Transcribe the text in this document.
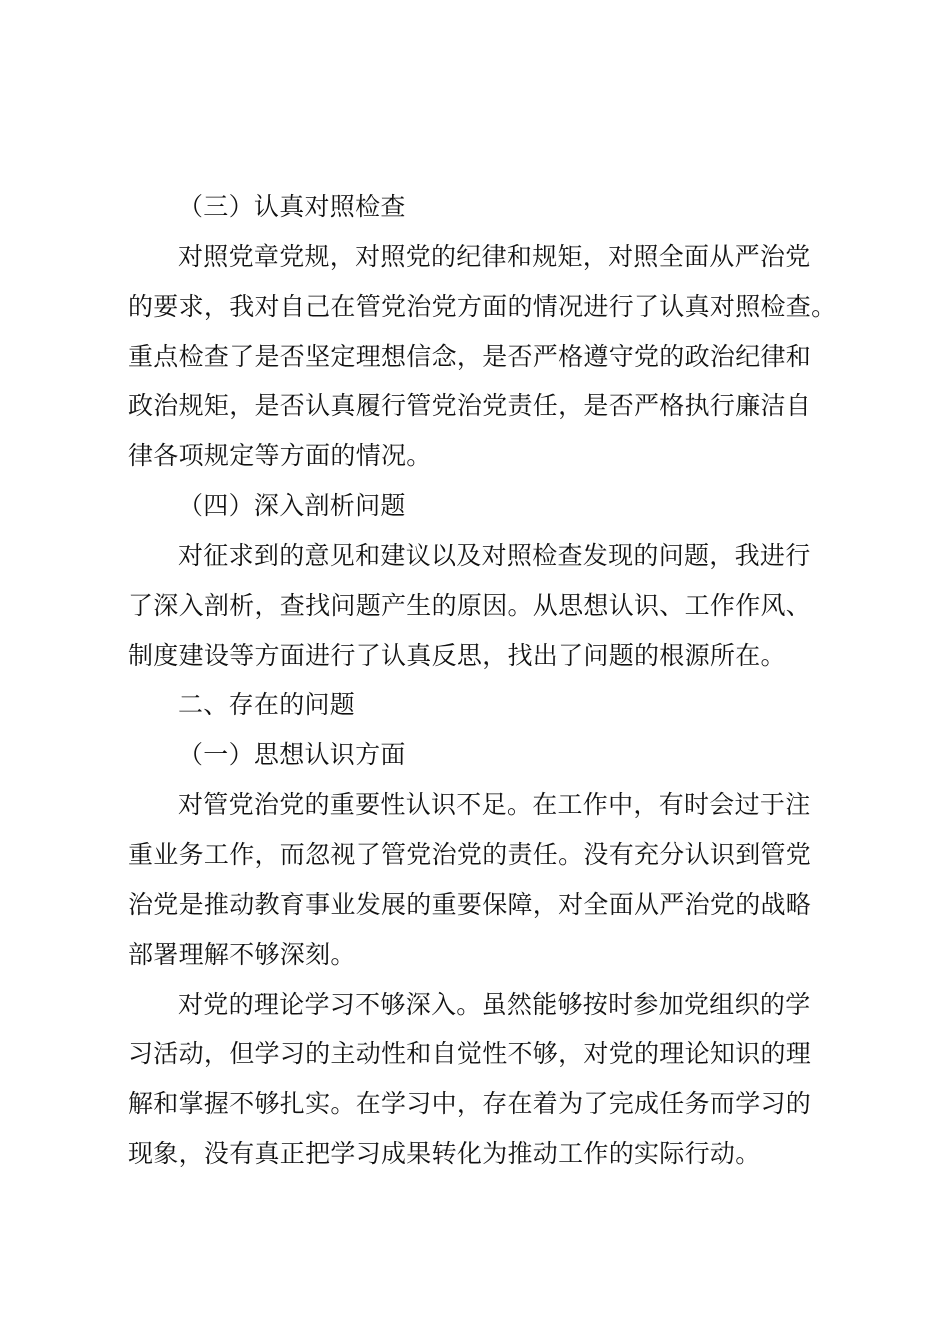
（三）认真对照检查
对照党章党规，对照党的纪律和规矩，对照全面从严治党
的要求，我对自己在管党治党方面的情况进行了认真对照检查。
重点检查了是否坚定理想信念，是否严格遵守党的政治纪律和
政治规矩，是否认真履行管党治党责任，是否严格执行廉洁自
律各项规定等方面的情况。
（四）深入剖析问题
对征求到的意见和建议以及对照检查发现的问题，我进行
了深入剖析，查找问题产生的原因。从思想认识、工作作风、
制度建设等方面进行了认真反思，找出了问题的根源所在。
二、存在的问题
（一）思想认识方面
对管党治党的重要性认识不足。在工作中，有时会过于注
重业务工作，而忽视了管党治党的责任。没有充分认识到管党
治党是推动教育事业发展的重要保障，对全面从严治党的战略
部署理解不够深刻。
对党的理论学习不够深入。虽然能够按时参加党组织的学
习活动，但学习的主动性和自觉性不够，对党的理论知识的理
解和掌握不够扎实。在学习中，存在着为了完成任务而学习的
现象，没有真正把学习成果转化为推动工作的实际行动。
